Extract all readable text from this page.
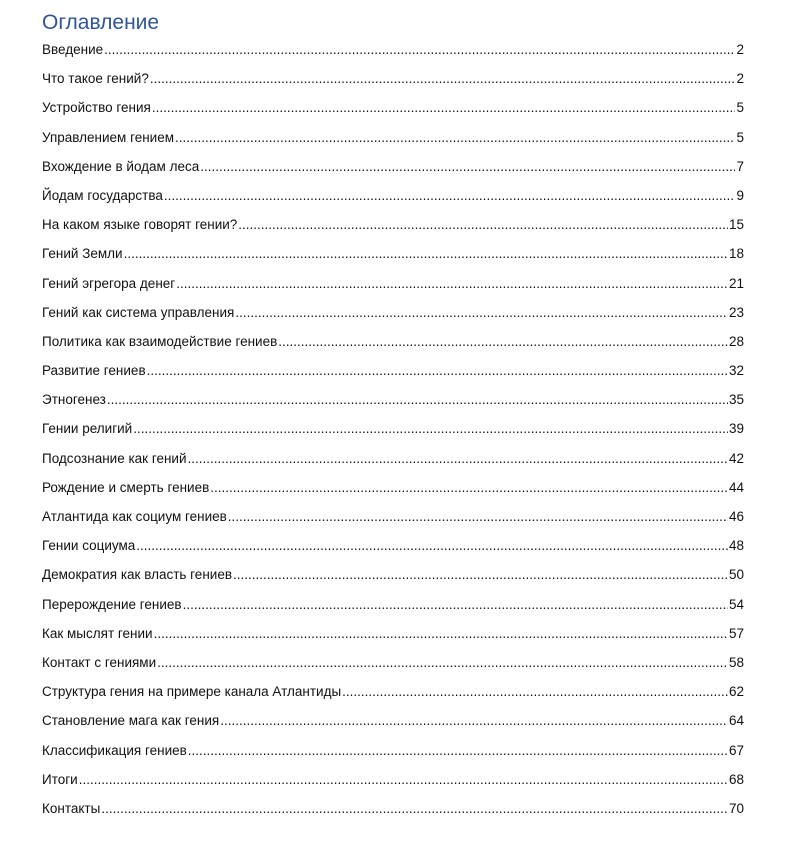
Оглавление
Введение .....	2
Что такое гений? .....	2
Устройство гения .....	5
Управлением гением .....	5
Вхождение в йодам леса .....	7
Йодам государства .....	9
На каком языке говорят гении? .....	15
Гений Земли .....	18
Гений эгрегора денег .....	21
Гений как система управления .....	23
Политика как взаимодействие гениев .....	28
Развитие гениев .....	32
Этногенез .....	35
Гении религий .....	39
Подсознание как гений .....	42
Рождение и смерть гениев .....	44
Атлантида как социум гениев .....	46
Гении социума .....	48
Демократия как власть гениев .....	50
Перерождение гениев .....	54
Как мыслят гении .....	57
Контакт с гениями .....	58
Структура гения на примере канала Атлантиды .....	62
Становление мага как гения .....	64
Классификация гениев .....	67
Итоги .....	68
Контакты .....	70
